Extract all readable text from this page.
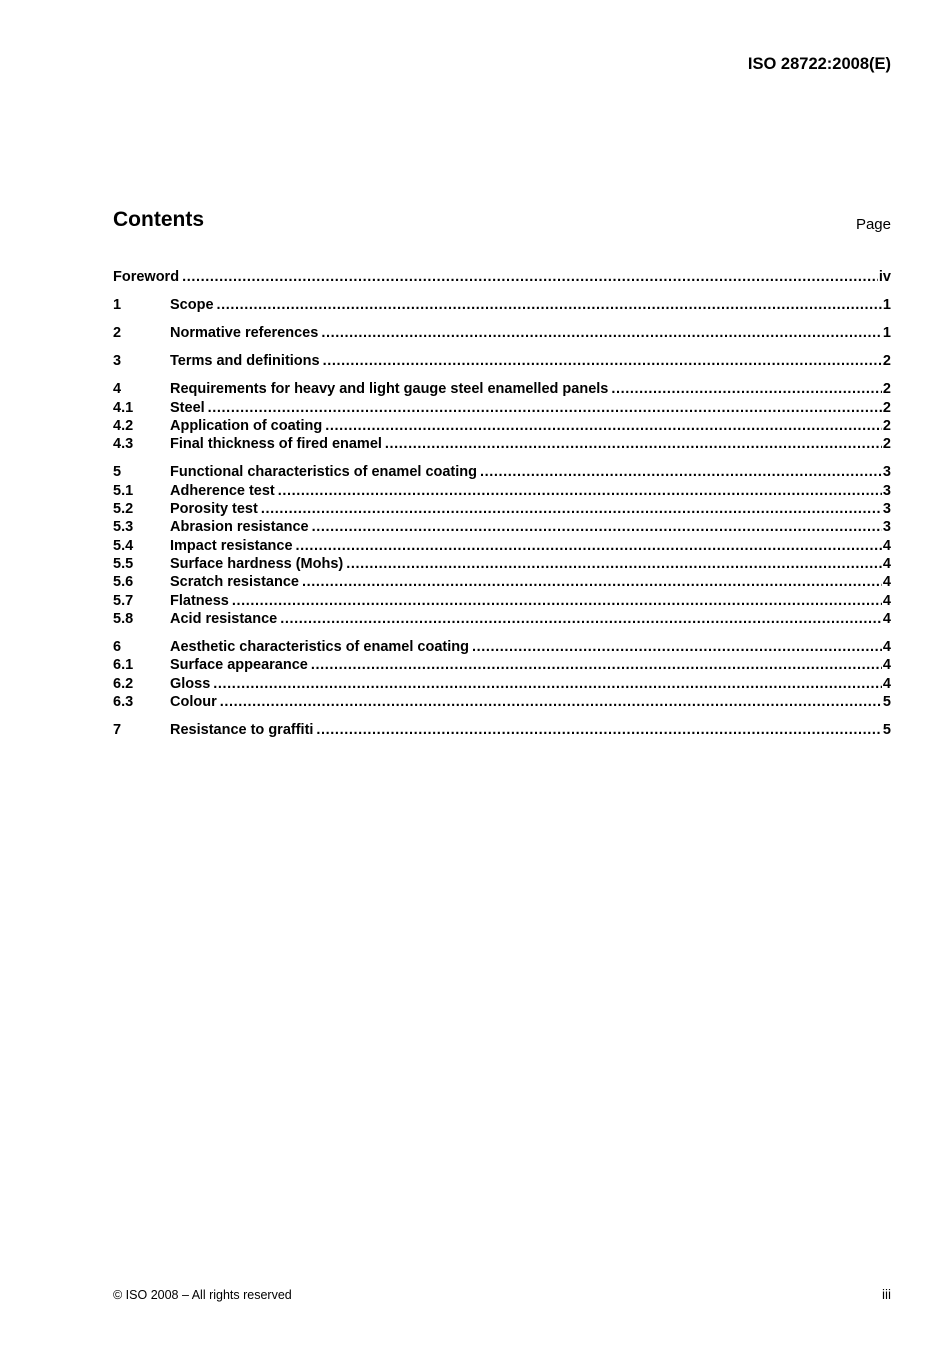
ISO 28722:2008(E)
Contents	Page
Foreword .....	iv
1	Scope .....	1
2	Normative references .....	1
3	Terms and definitions .....	2
4	Requirements for heavy and light gauge steel enamelled panels .....	2
4.1	Steel .....	2
4.2	Application of coating .....	2
4.3	Final thickness of fired enamel .....	2
5	Functional characteristics of enamel coating .....	3
5.1	Adherence test .....	3
5.2	Porosity test .....	3
5.3	Abrasion resistance .....	3
5.4	Impact resistance .....	4
5.5	Surface hardness (Mohs) .....	4
5.6	Scratch resistance .....	4
5.7	Flatness .....	4
5.8	Acid resistance .....	4
6	Aesthetic characteristics of enamel coating .....	4
6.1	Surface appearance .....	4
6.2	Gloss .....	4
6.3	Colour .....	5
7	Resistance to graffiti .....	5
© ISO 2008 – All rights reserved	iii
